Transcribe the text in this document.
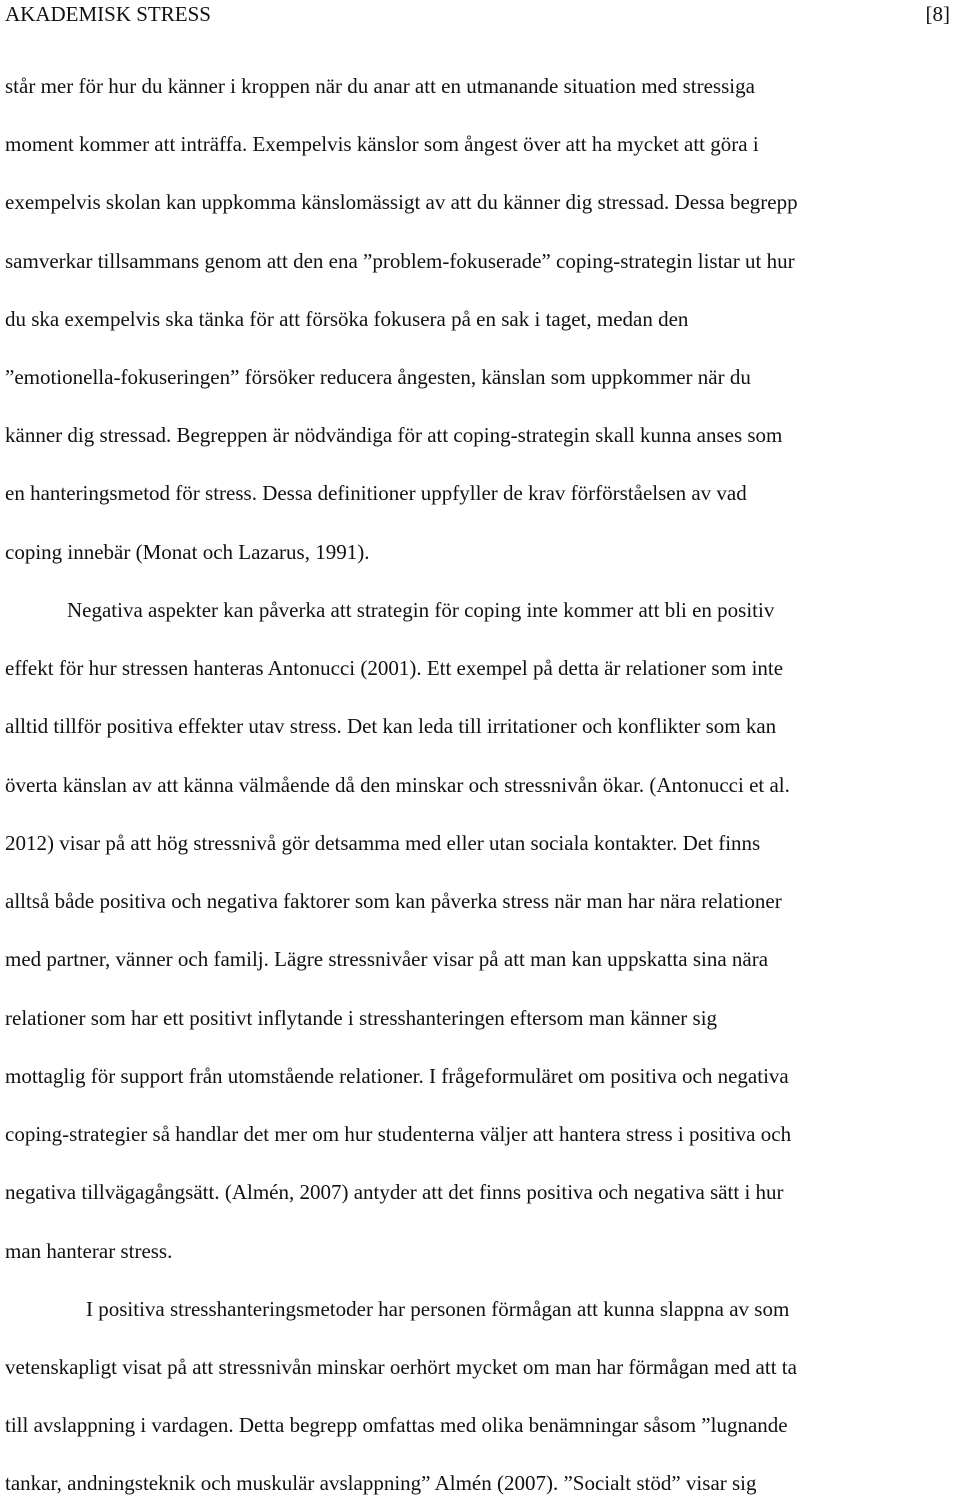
AKADEMISK STRESS	[8]
står mer för hur du känner i kroppen när du anar att en utmanande situation med stressiga
moment kommer att inträffa. Exempelvis känslor som ångest över att ha mycket att göra i
exempelvis skolan kan uppkomma känslomässigt av att du känner dig stressad. Dessa begrepp
samverkar tillsammans genom att den ena ”problem-fokuserade” coping-strategin listar ut hur
du ska exempelvis ska tänka för att försöka fokusera på en sak i taget, medan den
”emotionella-fokuseringen” försöker reducera ångesten, känslan som uppkommer när du
känner dig stressad. Begreppen är nödvändiga för att coping-strategin skall kunna anses som
en hanteringsmetod för stress. Dessa definitioner uppfyller de krav förförståelsen av vad
coping innebär (Monat och Lazarus, 1991).
Negativa aspekter kan påverka att strategin för coping inte kommer att bli en positiv
effekt för hur stressen hanteras Antonucci (2001). Ett exempel på detta är relationer som inte
alltid tillför positiva effekter utav stress. Det kan leda till irritationer och konflikter som kan
överta känslan av att känna välmående då den minskar och stressnivån ökar. (Antonucci et al.
2012) visar på att hög stressnivå gör detsamma med eller utan sociala kontakter. Det finns
alltså både positiva och negativa faktorer som kan påverka stress när man har nära relationer
med partner, vänner och familj. Lägre stressnivåer visar på att man kan uppskatta sina nära
relationer som har ett positivt inflytande i stresshanteringen eftersom man känner sig
mottaglig för support från utomstående relationer. I frågeformuläret om positiva och negativa
coping-strategier så handlar det mer om hur studenterna väljer att hantera stress i positiva och
negativa tillvägagångsätt. (Almén, 2007) antyder att det finns positiva och negativa sätt i hur
man hanterar stress.
I positiva stresshanteringsmetoder har personen förmågan att kunna slappna av som
vetenskapligt visat på att stressnivån minskar oerhört mycket om man har förmågan med att ta
till avslappning i vardagen. Detta begrepp omfattas med olika benämningar såsom ”lugnande
tankar, andningsteknik och muskulär avslappning” Almén (2007). ”Socialt stöd” visar sig
